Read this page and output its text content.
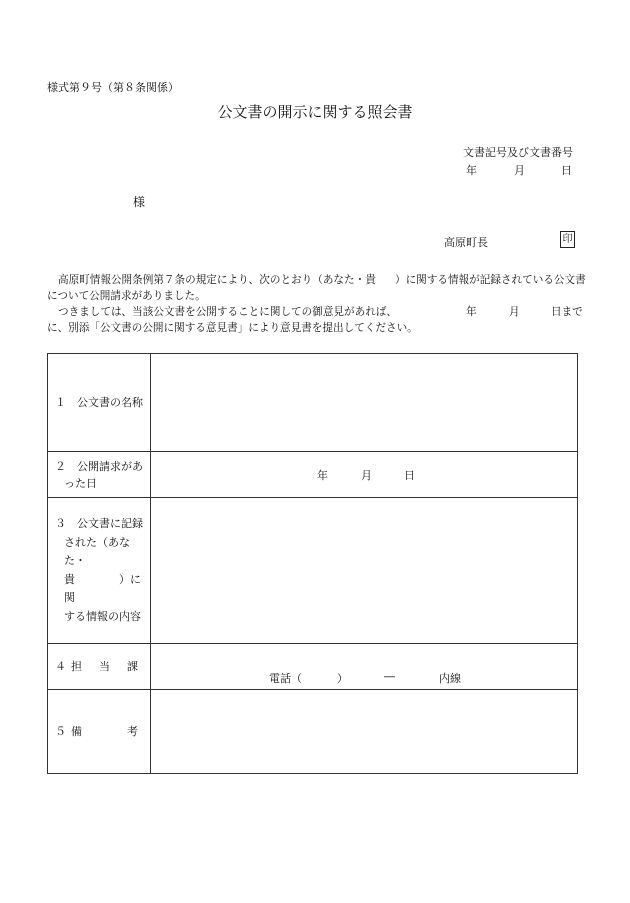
様式第９号（第８条関係）
公文書の開示に関する照会書
文書記号及び文書番号
年	月	日
様
高原町長	印
高原町情報公開条例第７条の規定により、次のとおり（あなた・貴 ）に関する情報が記録されている公文書
について公開請求がありました。
つきましては、当該公文書を公開することに関しての御意見があれば、	年	月	日まで
に、別添「公文書の公開に関する意見書」により意見書を提出してください。
１　公文書の名称	

２　公開請求があ
った日	年 月 日

３　公文書に記録
された（あなた・
貴　　　　）に関
する情報の内容	

４ 担 当 課	電話（ ） ― 内線

５ 備 考	
